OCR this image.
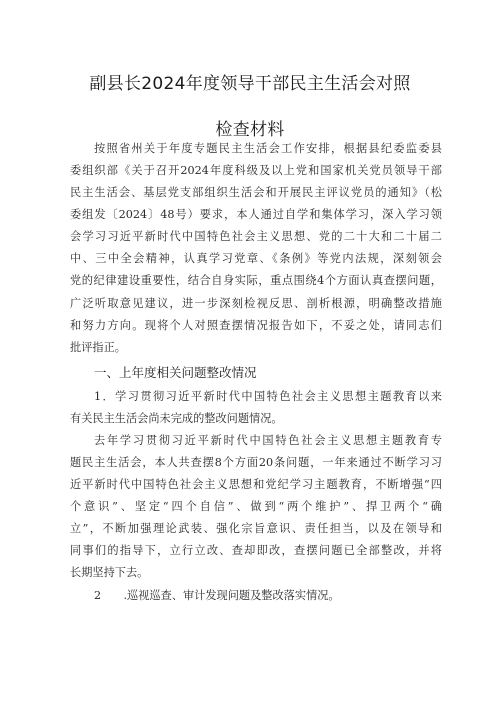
副县长2024年度领导干部民主生活会对照
检查材料
按照省州关于年度专题民主生活会工作安排，根据县纪委监委县
委组织部《关于召开2024年度科级及以上党和国家机关党员领导干部
民主生活会、基层党支部组织生活会和开展民主评议党员的通知》（松
委组发〔2024〕48号）要求，本人通过自学和集体学习，深入学习领
会学习习近平新时代中国特色社会主义思想、党的二十大和二十届二
中、三中全会精神，认真学习党章、《条例》等党内法规，深刻领会
党的纪律建设重要性，结合自身实际，重点围绕4个方面认真查摆问题，
广泛听取意见建议，进一步深刻检视反思、剖析根源，明确整改措施
和努力方向。现将个人对照查摆情况报告如下，不妥之处，请同志们
批评指正。
一、上年度相关问题整改情况
1．学习贯彻习近平新时代中国特色社会主义思想主题教育以来
有关民主生活会尚未完成的整改问题情况。
去年学习贯彻习近平新时代中国特色社会主义思想主题教育专
题民主生活会，本人共查摆8个方面20条问题，一年来通过不断学习习
近平新时代中国特色社会主义思想和党纪学习主题教育，不断增强“四
个意识”、坚定“四个自信”、做到“两个维护”、捍卫两个“确
立”，不断加强理论武装、强化宗旨意识、责任担当，以及在领导和
同事们的指导下，立行立改、查却即改，查摆问题已全部整改，并将
长期坚持下去。
2　　.巡视巡查、审计发现问题及整改落实情况。
